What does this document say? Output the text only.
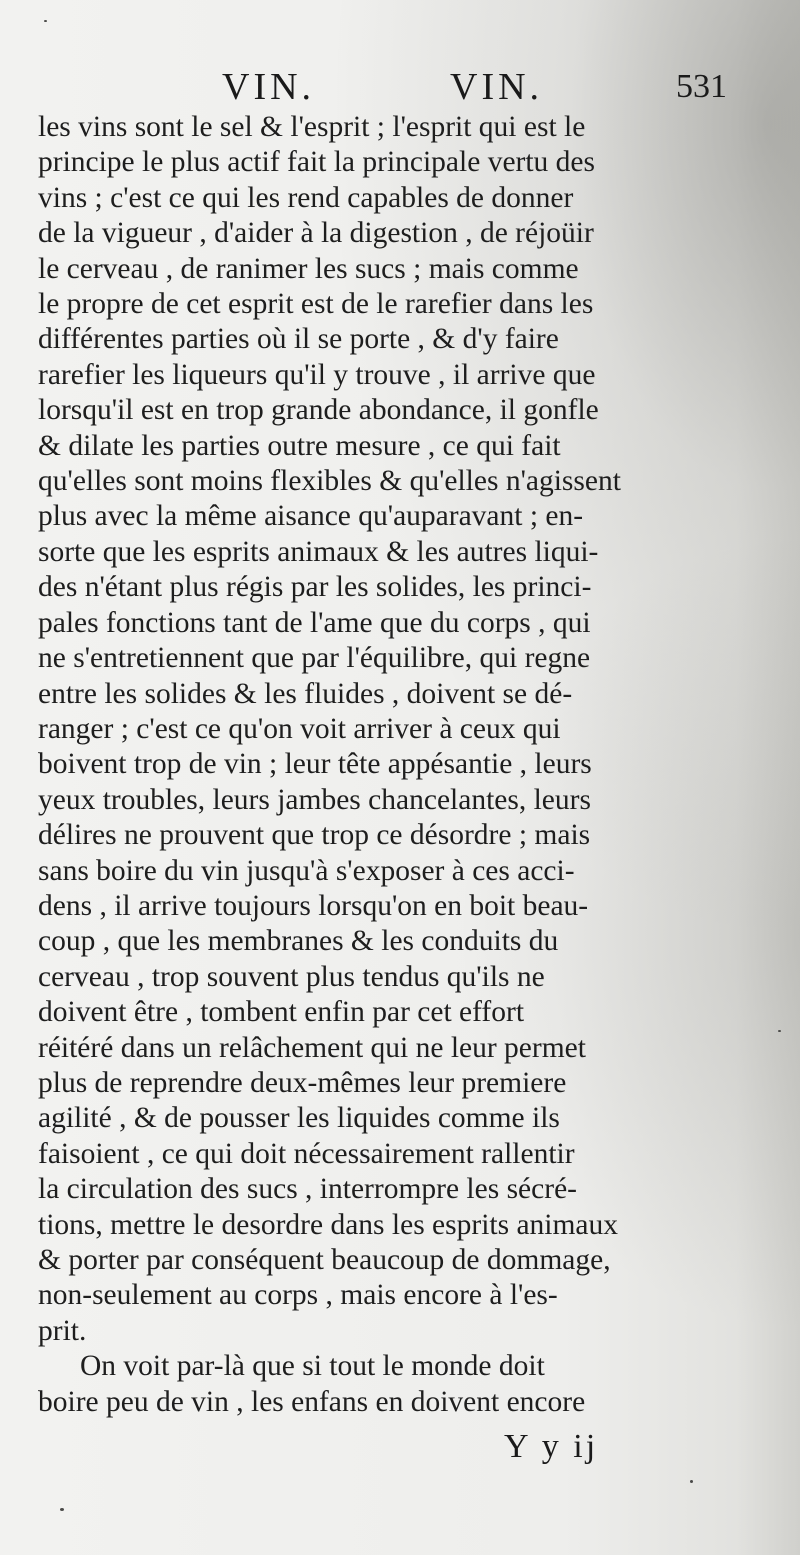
VIN.	VIN.	531
les vins sont le sel & l'esprit ; l'esprit qui est le
principe le plus actif fait la principale vertu des
vins ; c'est ce qui les rend capables de donner
de la vigueur , d'aider à la digestion , de réjoüir
le cerveau , de ranimer les sucs ; mais comme
le propre de cet esprit est de le rarefier dans les
différentes parties où il se porte , & d'y faire
rarefier les liqueurs qu'il y trouve , il arrive que
lorsqu'il est en trop grande abondance, il gonfle
& dilate les parties outre mesure , ce qui fait
qu'elles sont moins flexibles & qu'elles n'agissent
plus avec la même aisance qu'auparavant ; en-
sorte que les esprits animaux & les autres liqui-
des n'étant plus régis par les solides, les princi-
pales fonctions tant de l'ame que du corps , qui
ne s'entretiennent que par l'équilibre, qui regne
entre les solides & les fluides , doivent se dé-
ranger ; c'est ce qu'on voit arriver à ceux qui
boivent trop de vin ; leur tête appésantie , leurs
yeux troubles, leurs jambes chancelantes, leurs
délires ne prouvent que trop ce désordre ; mais
sans boire du vin jusqu'à s'exposer à ces acci-
dens , il arrive toujours lorsqu'on en boit beau-
coup , que les membranes & les conduits du
cerveau , trop souvent plus tendus qu'ils ne
doivent être , tombent enfin par cet effort
réitéré dans un relâchement qui ne leur permet
plus de reprendre deux-mêmes leur premiere
agilité , & de pousser les liquides comme ils
faisoient , ce qui doit nécessairement rallentir
la circulation des sucs , interrompre les sécré-
tions, mettre le desordre dans les esprits animaux
& porter par conséquent beaucoup de dommage,
non-seulement au corps , mais encore à l'es-
prit.
On voit par-là que si tout le monde doit
boire peu de vin , les enfans en doivent encore
Y y ij
